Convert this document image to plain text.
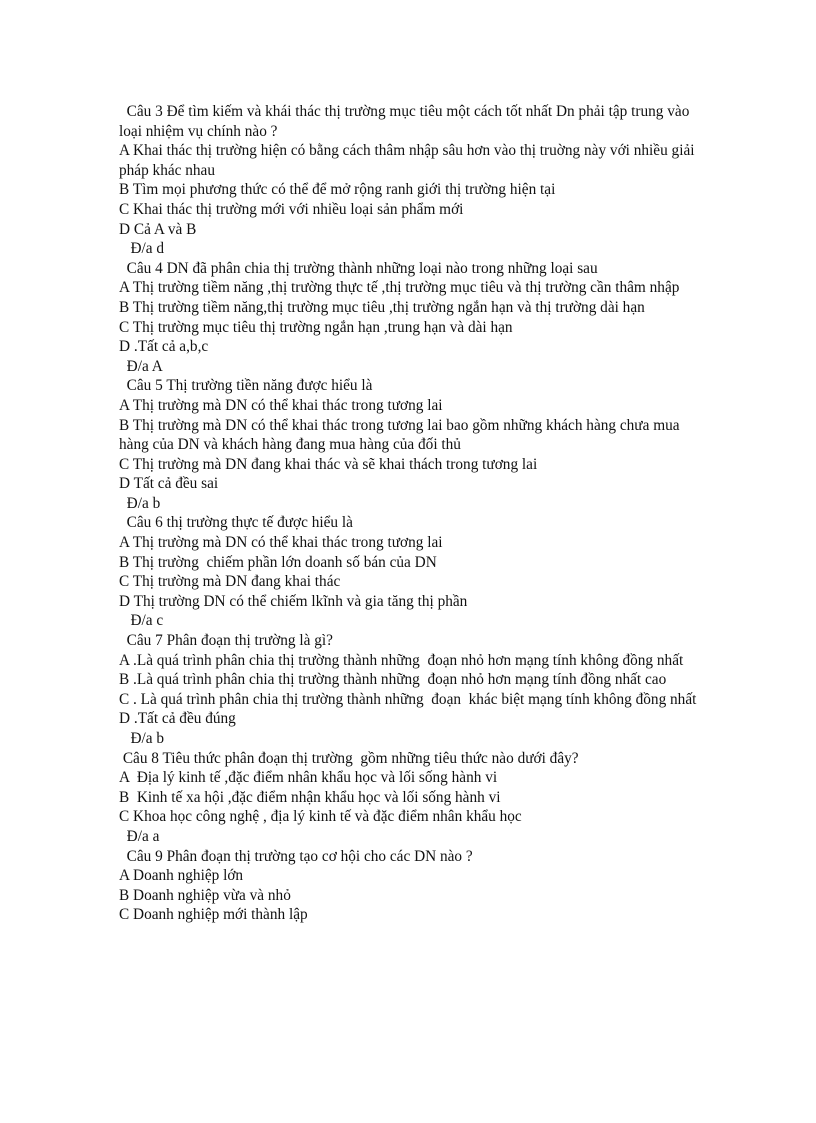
Câu 3 Để tìm kiếm và khái thác thị trường mục tiêu một cách tốt nhất Dn phải tập trung vào loại nhiệm vụ chính nào ?

A Khai thác thị trường hiện có bằng cách thâm nhập sâu hơn vào thị truờng này với nhiều giải pháp khác nhau

B Tìm mọi phương thức có thể để mở rộng ranh giới thị trường hiện tại

C Khai thác thị trường mới với nhiều loại sản phẩm mới

D Cả A và B

Đ/a d

Câu 4 DN đã phân chia thị trường thành những loại nào trong những loại sau

A Thị trường tiềm năng ,thị trường thực tế ,thị trường mục tiêu và thị trường cần thâm nhập

B Thị trường tiềm năng,thị trường mục tiêu ,thị trường ngắn hạn và thị trường dài hạn

C Thị trường mục tiêu thị trường ngắn hạn ,trung hạn và dài hạn

D .Tất cả a,b,c

Đ/a A

Câu 5 Thị trường tiền năng được hiểu là

A Thị trường mà DN có thể khai thác trong tương lai

B Thị trường mà DN có thể khai thác trong tương lai bao gồm những khách hàng chưa mua hàng của DN và khách hàng đang mua hàng của đối thủ

C Thị trường mà DN đang khai thác và sẽ khai thách trong tương lai

D Tất cả đều sai

Đ/a b

Câu 6 thị trường thực tế được hiểu là

A Thị trường mà DN có thể khai thác trong tương lai

B Thị trường  chiếm phần lớn doanh số bán của DN

C Thị trường mà DN đang khai thác

D Thị trường DN có thể chiếm lkĩnh và gia tăng thị phần

Đ/a c

Câu 7 Phân đoạn thị trường là gì?

A .Là quá trình phân chia thị trường thành những  đoạn nhỏ hơn mạng tính không đồng nhất

B .Là quá trình phân chia thị trường thành những  đoạn nhỏ hơn mạng tính đồng nhất cao

C . Là quá trình phân chia thị trường thành những  đoạn  khác biệt mạng tính không đồng nhất

D .Tất cả đều đúng

Đ/a b

Câu 8 Tiêu thức phân đoạn thị trường  gồm những tiêu thức nào dưới đây?

A  Địa lý kinh tế ,đặc điểm nhân khẩu học và lối sống hành vi

B  Kinh tế xa hội ,đặc điểm nhận khẩu học và lối sống hành vi

C Khoa học công nghệ , địa lý kinh tế và đặc điểm nhân khẩu học

Đ/a a

Câu 9 Phân đoạn thị trường tạo cơ hội cho các DN nào ?

A Doanh nghiệp lớn

B Doanh nghiệp vừa và nhỏ

C Doanh nghiệp mới thành lập
